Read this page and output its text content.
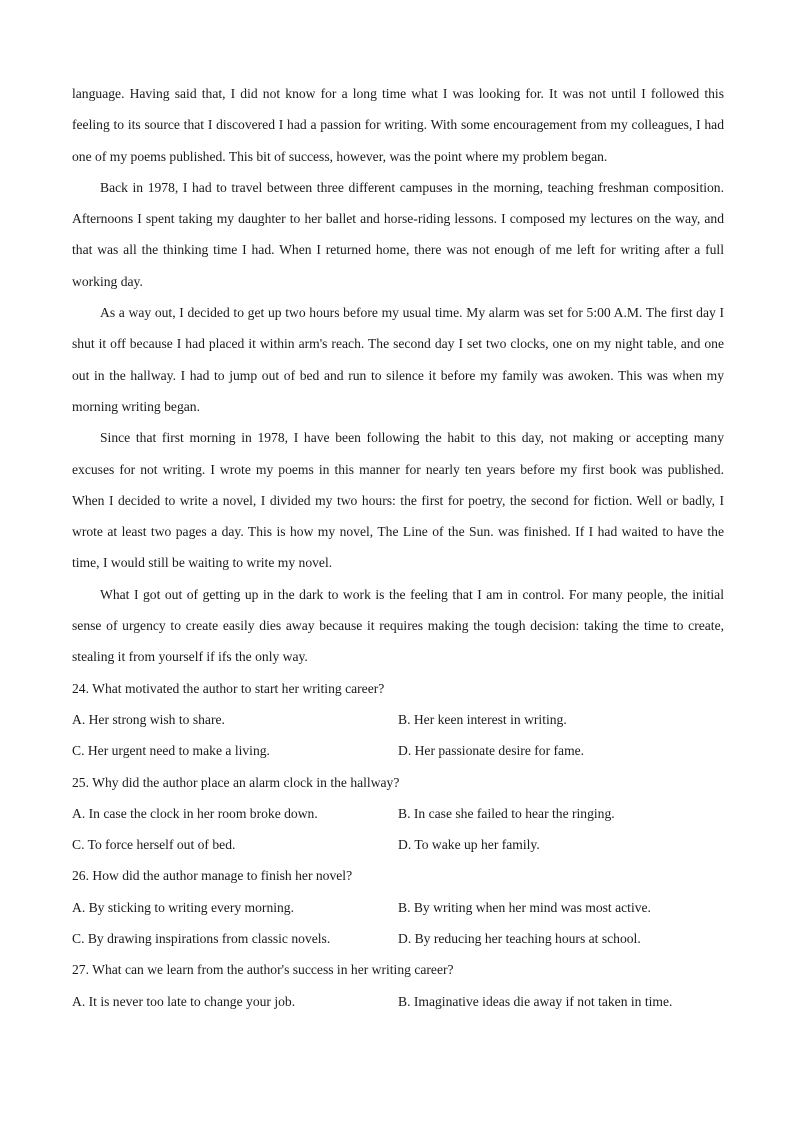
language. Having said that, I did not know for a long time what I was looking for. It was not until I followed this feeling to its source that I discovered I had a passion for writing. With some encouragement from my colleagues, I had one of my poems published. This bit of success, however, was the point where my problem began.

Back in 1978, I had to travel between three different campuses in the morning, teaching freshman composition. Afternoons I spent taking my daughter to her ballet and horse-riding lessons. I composed my lectures on the way, and that was all the thinking time I had. When I returned home, there was not enough of me left for writing after a full working day.

As a way out, I decided to get up two hours before my usual time. My alarm was set for 5:00 A.M. The first day I shut it off because I had placed it within arm's reach. The second day I set two clocks, one on my night table, and one out in the hallway. I had to jump out of bed and run to silence it before my family was awoken. This was when my morning writing began.

Since that first morning in 1978, I have been following the habit to this day, not making or accepting many excuses for not writing. I wrote my poems in this manner for nearly ten years before my first book was published. When I decided to write a novel, I divided my two hours: the first for poetry, the second for fiction. Well or badly, I wrote at least two pages a day. This is how my novel, The Line of the Sun. was finished. If I had waited to have the time, I would still be waiting to write my novel.

What I got out of getting up in the dark to work is the feeling that I am in control. For many people, the initial sense of urgency to create easily dies away because it requires making the tough decision: taking the time to create, stealing it from yourself if ifs the only way.

24. What motivated the author to start her writing career?

A. Her strong wish to share.	B. Her keen interest in writing.
C. Her urgent need to make a living.	D. Her passionate desire for fame.

25. Why did the author place an alarm clock in the hallway?

A. In case the clock in her room broke down.	B. In case she failed to hear the ringing.
C. To force herself out of bed.	D. To wake up her family.

26. How did the author manage to finish her novel?

A. By sticking to writing every morning.	B. By writing when her mind was most active.
C. By drawing inspirations from classic novels.	D. By reducing her teaching hours at school.

27. What can we learn from the author's success in her writing career?

A. It is never too late to change your job.	B. Imaginative ideas die away if not taken in time.
